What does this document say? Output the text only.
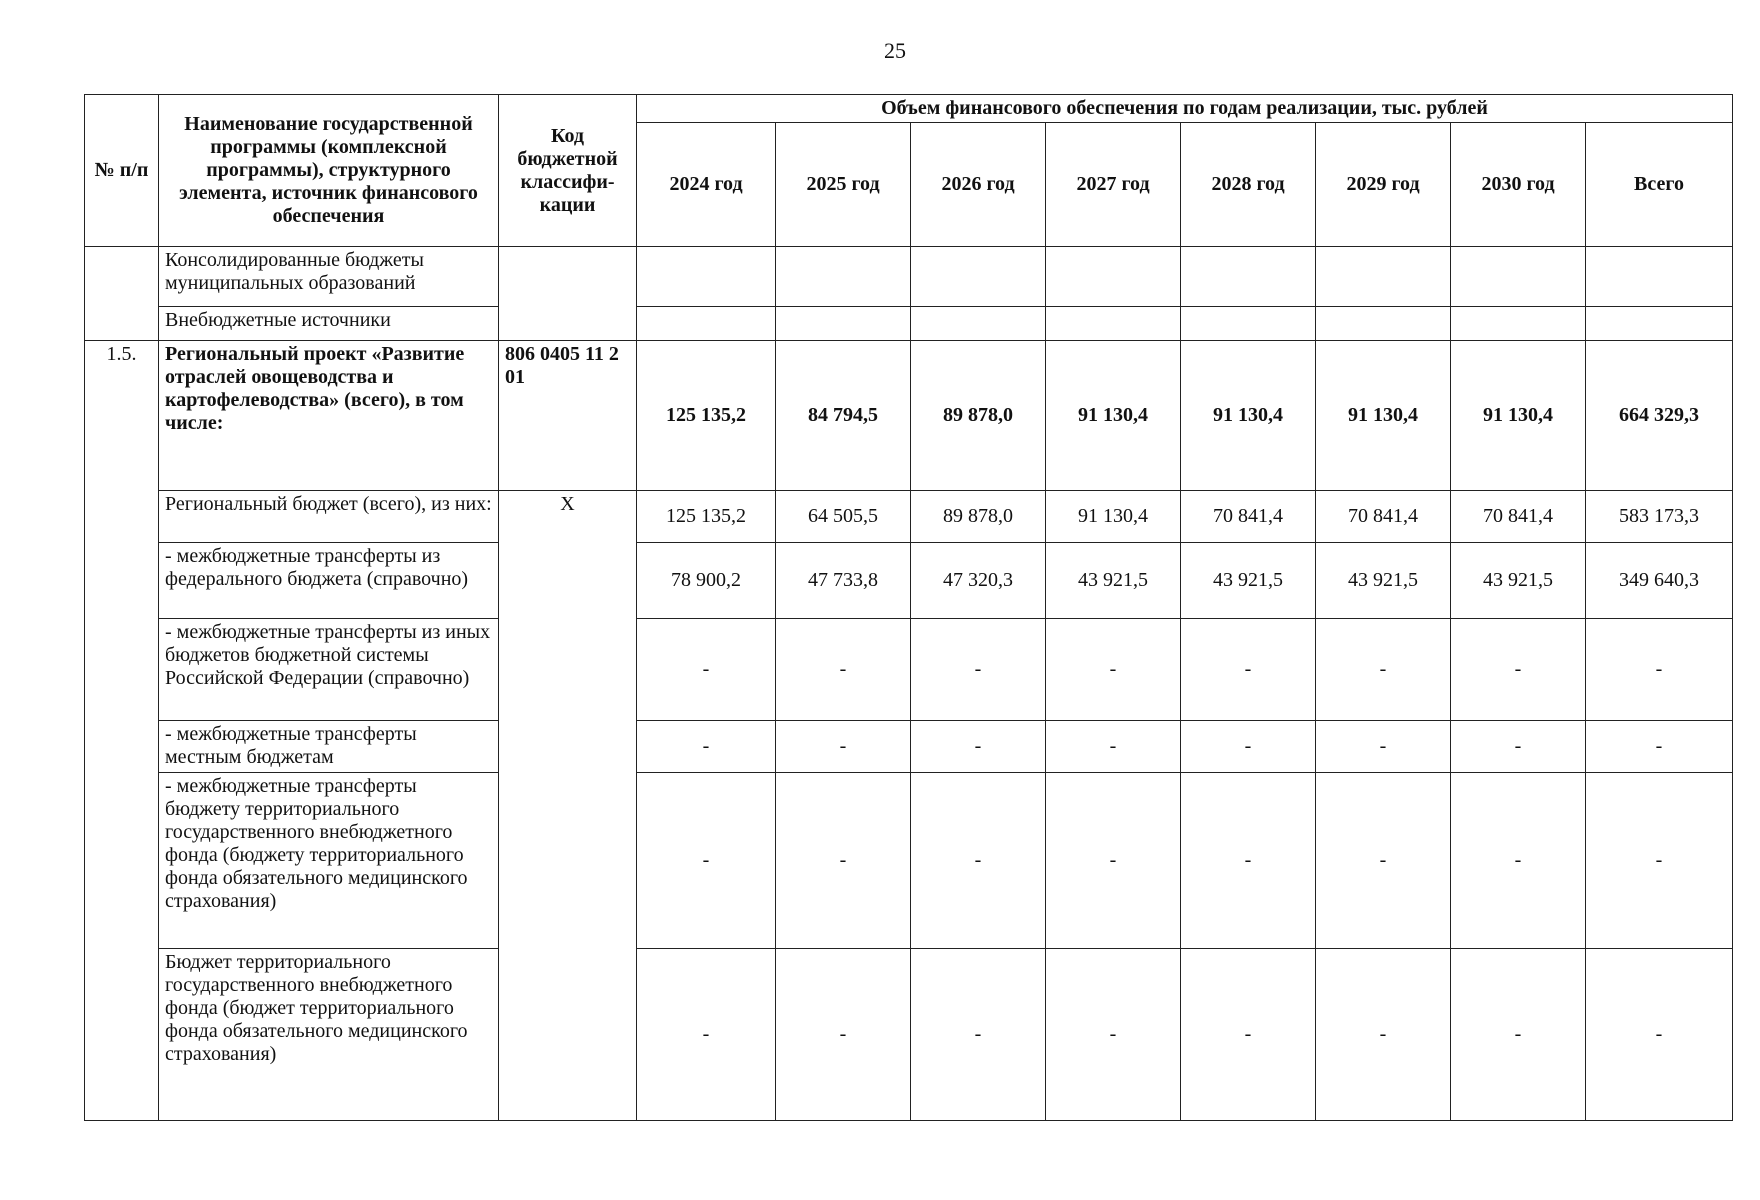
25
№ п/п	Наименование государственной программы (комплексной программы), структурного элемента, источник финансового обеспечения	Код бюджетной классифи-кации	Объем финансового обеспечения по годам реализации, тыс. рублей							
			2024 год	2025 год	2026 год	2027 год	2028 год	2029 год	2030 год	Всего
	Консолидированные бюджеты муниципальных образований									
	Внебюджетные источники									
1.5.	Региональный проект «Развитие отраслей овощеводства и картофелеводства» (всего), в том числе:	806 0405 11 2 01	125 135,2	84 794,5	89 878,0	91 130,4	91 130,4	91 130,4	91 130,4	664 329,3
	Региональный бюджет (всего), из них:	X	125 135,2	64 505,5	89 878,0	91 130,4	70 841,4	70 841,4	70 841,4	583 173,3
	- межбюджетные трансферты из федерального бюджета (справочно)		78 900,2	47 733,8	47 320,3	43 921,5	43 921,5	43 921,5	43 921,5	349 640,3
	- межбюджетные трансферты из иных бюджетов бюджетной системы Российской Федерации (справочно)		-	-	-	-	-	-	-	-
	- межбюджетные трансферты местным бюджетам		-	-	-	-	-	-	-	-
	- межбюджетные трансферты бюджету территориального государственного внебюджетного фонда (бюджету территориального фонда обязательного медицинского страхования)		-	-	-	-	-	-	-	-
	Бюджет территориального государственного внебюджетного фонда (бюджет территориального фонда обязательного медицинского страхования)		-	-	-	-	-	-	-	-
